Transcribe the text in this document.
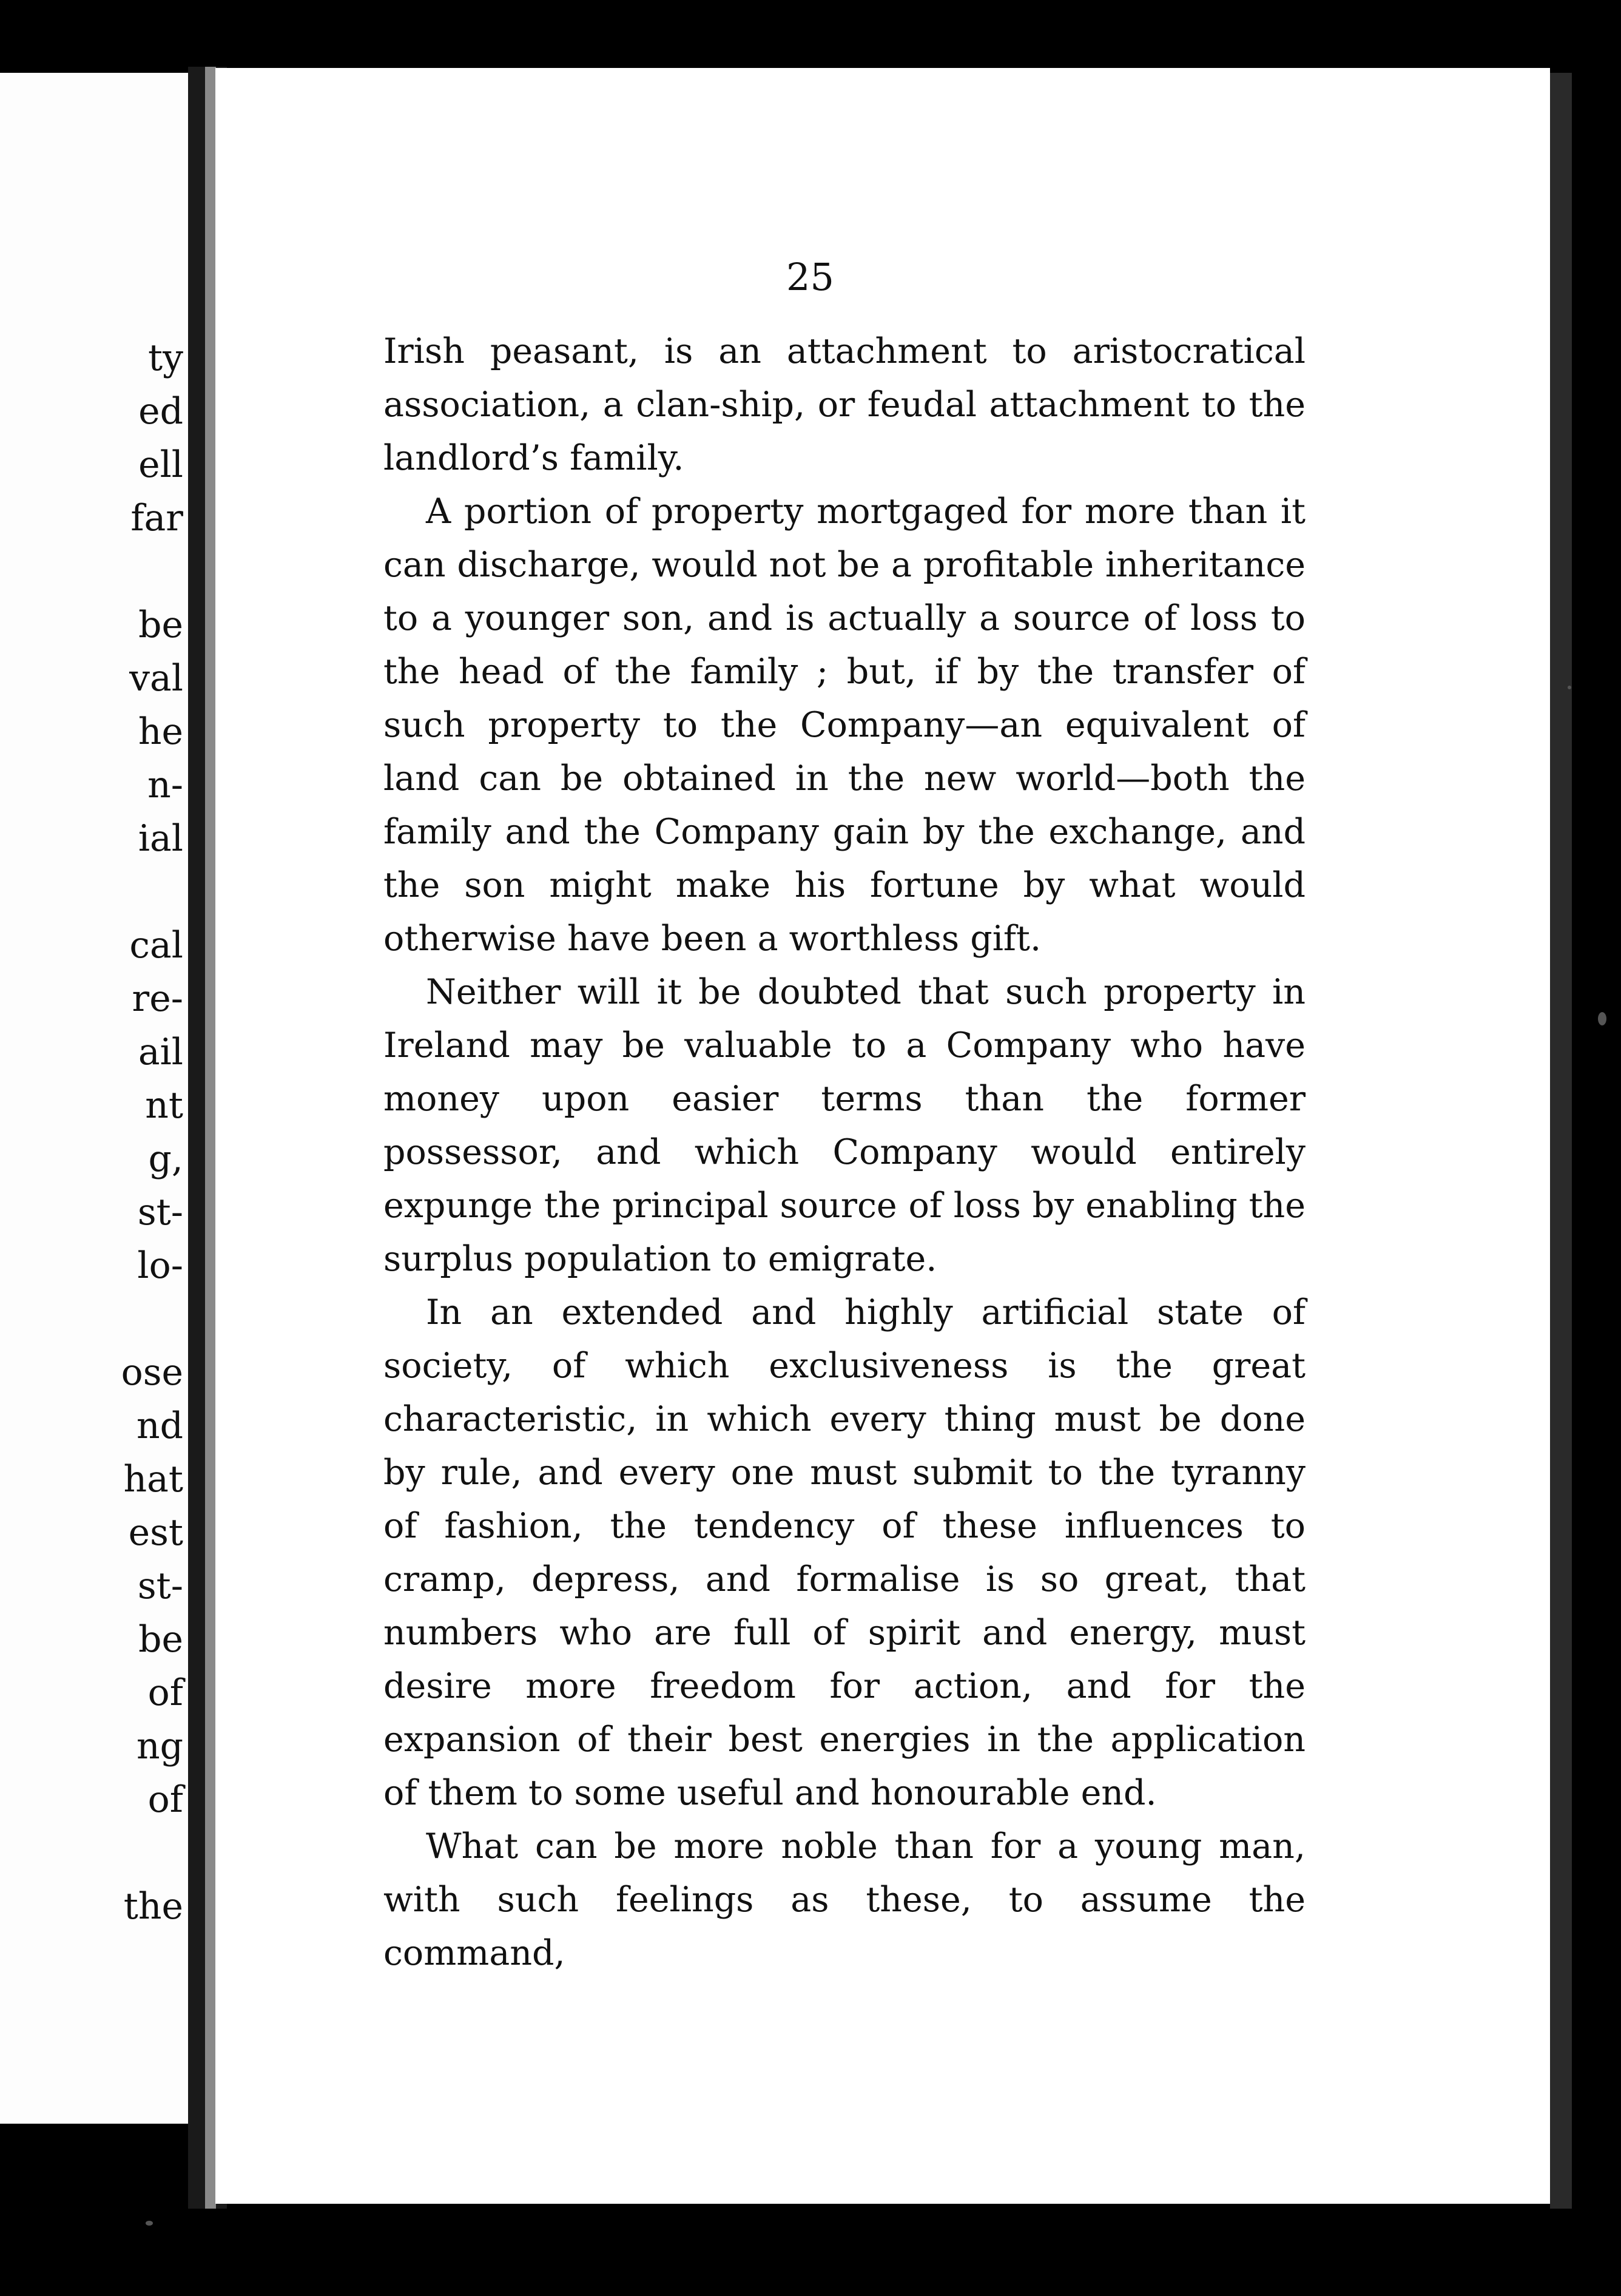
ty
ed
ell
far
be
val
he
n-
ial
cal
re-
ail
nt
g,
st-
lo-
ose
nd
hat
est
st-
be
of
ng
of
the
25

Irish peasant, is an attachment to aristocratical association, a clan-ship, or feudal attachment to the landlord’s family.

A portion of property mortgaged for more than it can discharge, would not be a profitable inheritance to a younger son, and is actually a source of loss to the head of the family ; but, if by the transfer of such property to the Company—an equivalent of land can be obtained in the new world—both the family and the Company gain by the exchange, and the son might make his fortune by what would otherwise have been a worthless gift.

Neither will it be doubted that such property in Ireland may be valuable to a Company who have money upon easier terms than the former possessor, and which Company would entirely expunge the principal source of loss by enabling the surplus population to emigrate.

In an extended and highly artificial state of society, of which exclusiveness is the great characteristic, in which every thing must be done by rule, and every one must submit to the tyranny of fashion, the tendency of these influences to cramp, depress, and formalise is so great, that numbers who are full of spirit and energy, must desire more freedom for action, and for the expansion of their best energies in the application of them to some useful and honourable end.

What can be more noble than for a young man, with such feelings as these, to assume the command,
